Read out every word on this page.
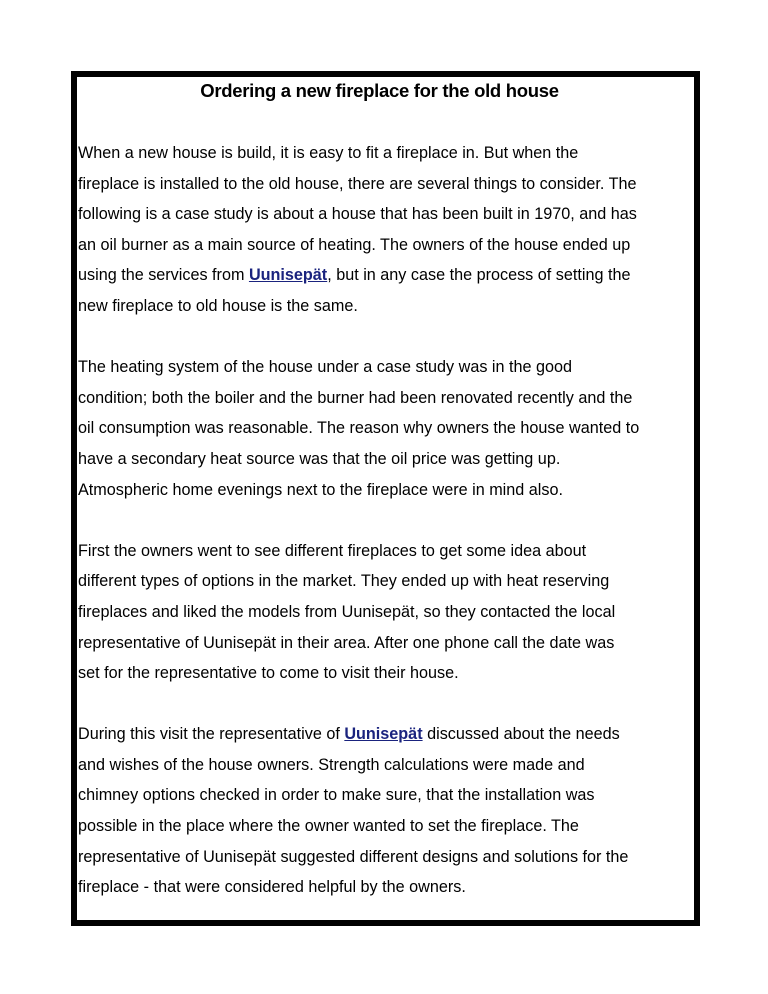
Ordering a new fireplace for the old house

When a new house is build, it is easy to fit a fireplace in. But when the
fireplace is installed to the old house, there are several things to consider. The
following is a case study is about a house that has been built in 1970, and has
an oil burner as a main source of heating. The owners of the house ended up
using the services from Uunisepät, but in any case the process of setting the
new fireplace to old house is the same.

The heating system of the house under a case study was in the good
condition; both the boiler and the burner had been renovated recently and the
oil consumption was reasonable. The reason why owners the house wanted to
have a secondary heat source was that the oil price was getting up.
Atmospheric home evenings next to the fireplace were in mind also.

First the owners went to see different fireplaces to get some idea about
different types of options in the market. They ended up with heat reserving
fireplaces and liked the models from Uunisepät, so they contacted the local
representative of Uunisepät in their area. After one phone call the date was
set for the representative to come to visit their house.

During this visit the representative of Uunisepät discussed about the needs
and wishes of the house owners. Strength calculations were made and
chimney options checked in order to make sure, that the installation was
possible in the place where the owner wanted to set the fireplace. The
representative of Uunisepät suggested different designs and solutions for the
fireplace - that were considered helpful by the owners.
